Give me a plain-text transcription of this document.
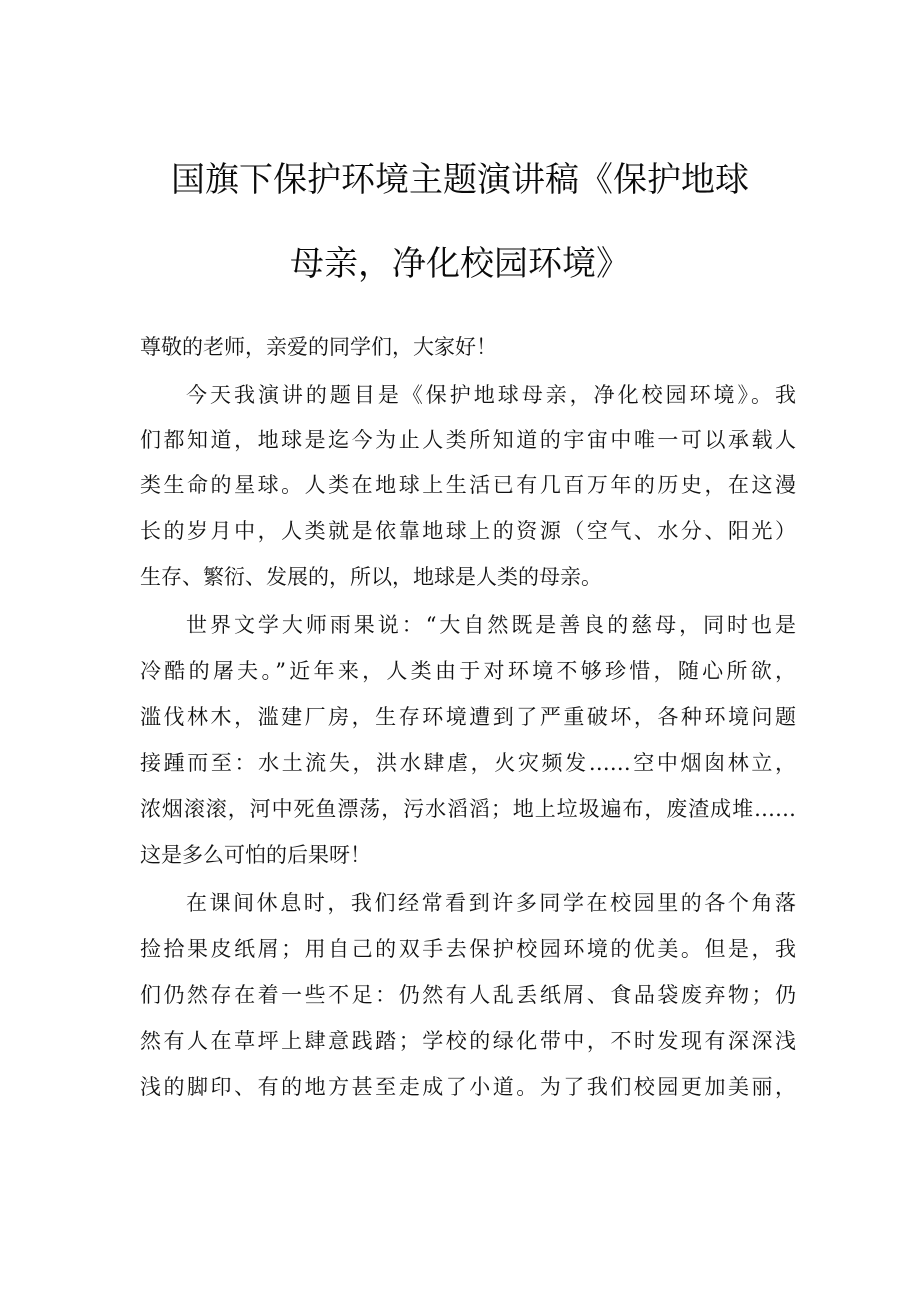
国旗下保护环境主题演讲稿《保护地球
母亲，净化校园环境》
尊敬的老师，亲爱的同学们，大家好！
今天我演讲的题目是《保护地球母亲，净化校园环境》。我
们都知道，地球是迄今为止人类所知道的宇宙中唯一可以承载人
类生命的星球。人类在地球上生活已有几百万年的历史，在这漫
长的岁月中，人类就是依靠地球上的资源（空气、水分、阳光）
生存、繁衍、发展的，所以，地球是人类的母亲。
世界文学大师雨果说：“大自然既是善良的慈母，同时也是
冷酷的屠夫。”近年来，人类由于对环境不够珍惜，随心所欲，
滥伐林木，滥建厂房，生存环境遭到了严重破坏，各种环境问题
接踵而至：水土流失，洪水肆虐，火灾频发……空中烟囱林立，
浓烟滚滚，河中死鱼漂荡，污水滔滔；地上垃圾遍布，废渣成堆……
这是多么可怕的后果呀！
在课间休息时，我们经常看到许多同学在校园里的各个角落
捡拾果皮纸屑；用自己的双手去保护校园环境的优美。但是，我
们仍然存在着一些不足：仍然有人乱丢纸屑、食品袋废弃物；仍
然有人在草坪上肆意践踏；学校的绿化带中，不时发现有深深浅
浅的脚印、有的地方甚至走成了小道。为了我们校园更加美丽，
